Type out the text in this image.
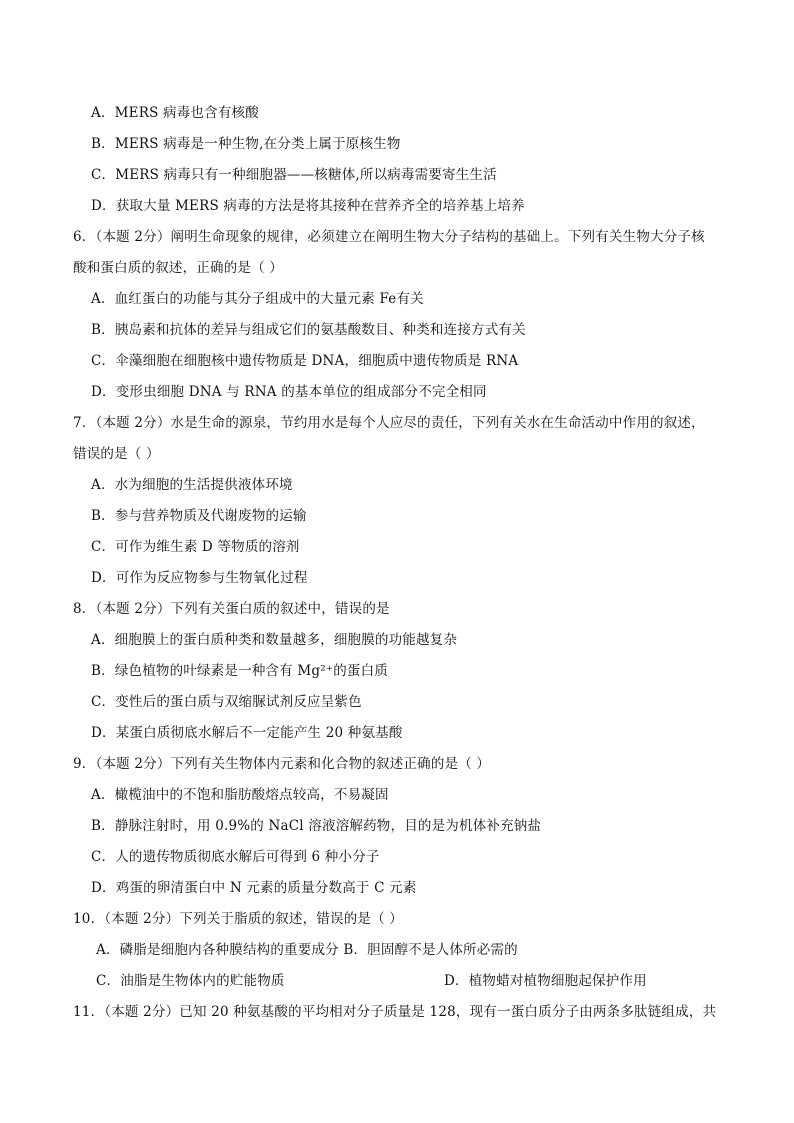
A．MERS 病毒也含有核酸
B．MERS 病毒是一种生物,在分类上属于原核生物
C．MERS 病毒只有一种细胞器——核糖体,所以病毒需要寄生生活
D．获取大量 MERS 病毒的方法是将其接种在营养齐全的培养基上培养
6．（本题 2分）阐明生命现象的规律，必须建立在阐明生物大分子结构的基础上。下列有关生物大分子核
酸和蛋白质的叙述，正确的是（ ）
A．血红蛋白的功能与其分子组成中的大量元素 Fe有关
B．胰岛素和抗体的差异与组成它们的氨基酸数目、种类和连接方式有关
C．伞藻细胞在细胞核中遗传物质是 DNA，细胞质中遗传物质是 RNA
D．变形虫细胞 DNA 与 RNA 的基本单位的组成部分不完全相同
7．（本题 2分）水是生命的源泉，节约用水是每个人应尽的责任，下列有关水在生命活动中作用的叙述，
错误的是（ ）
A．水为细胞的生活提供液体环境
B．参与营养物质及代谢废物的运输
C．可作为维生素 D 等物质的溶剂
D．可作为反应物参与生物氧化过程
8．（本题 2分）下列有关蛋白质的叙述中，错误的是
A．细胞膜上的蛋白质种类和数量越多，细胞膜的功能越复杂
B．绿色植物的叶绿素是一种含有 Mg²⁺的蛋白质
C．变性后的蛋白质与双缩脲试剂反应呈紫色
D．某蛋白质彻底水解后不一定能产生 20 种氨基酸
9．（本题 2分）下列有关生物体内元素和化合物的叙述正确的是（ ）
A．橄榄油中的不饱和脂肪酸熔点较高，不易凝固
B．静脉注射时，用 0.9%的 NaCl 溶液溶解药物，目的是为机体补充钠盐
C．人的遗传物质彻底水解后可得到 6 种小分子
D．鸡蛋的卵清蛋白中 N 元素的质量分数高于 C 元素
10．（本题 2分）下列关于脂质的叙述，错误的是（ ）
A．磷脂是细胞内各种膜结构的重要成分 B．胆固醇不是人体所必需的
C．油脂是生物体内的贮能物质	D．植物蜡对植物细胞起保护作用
11．（本题 2分）已知 20 种氨基酸的平均相对分子质量是 128，现有一蛋白质分子由两条多肽链组成，共
